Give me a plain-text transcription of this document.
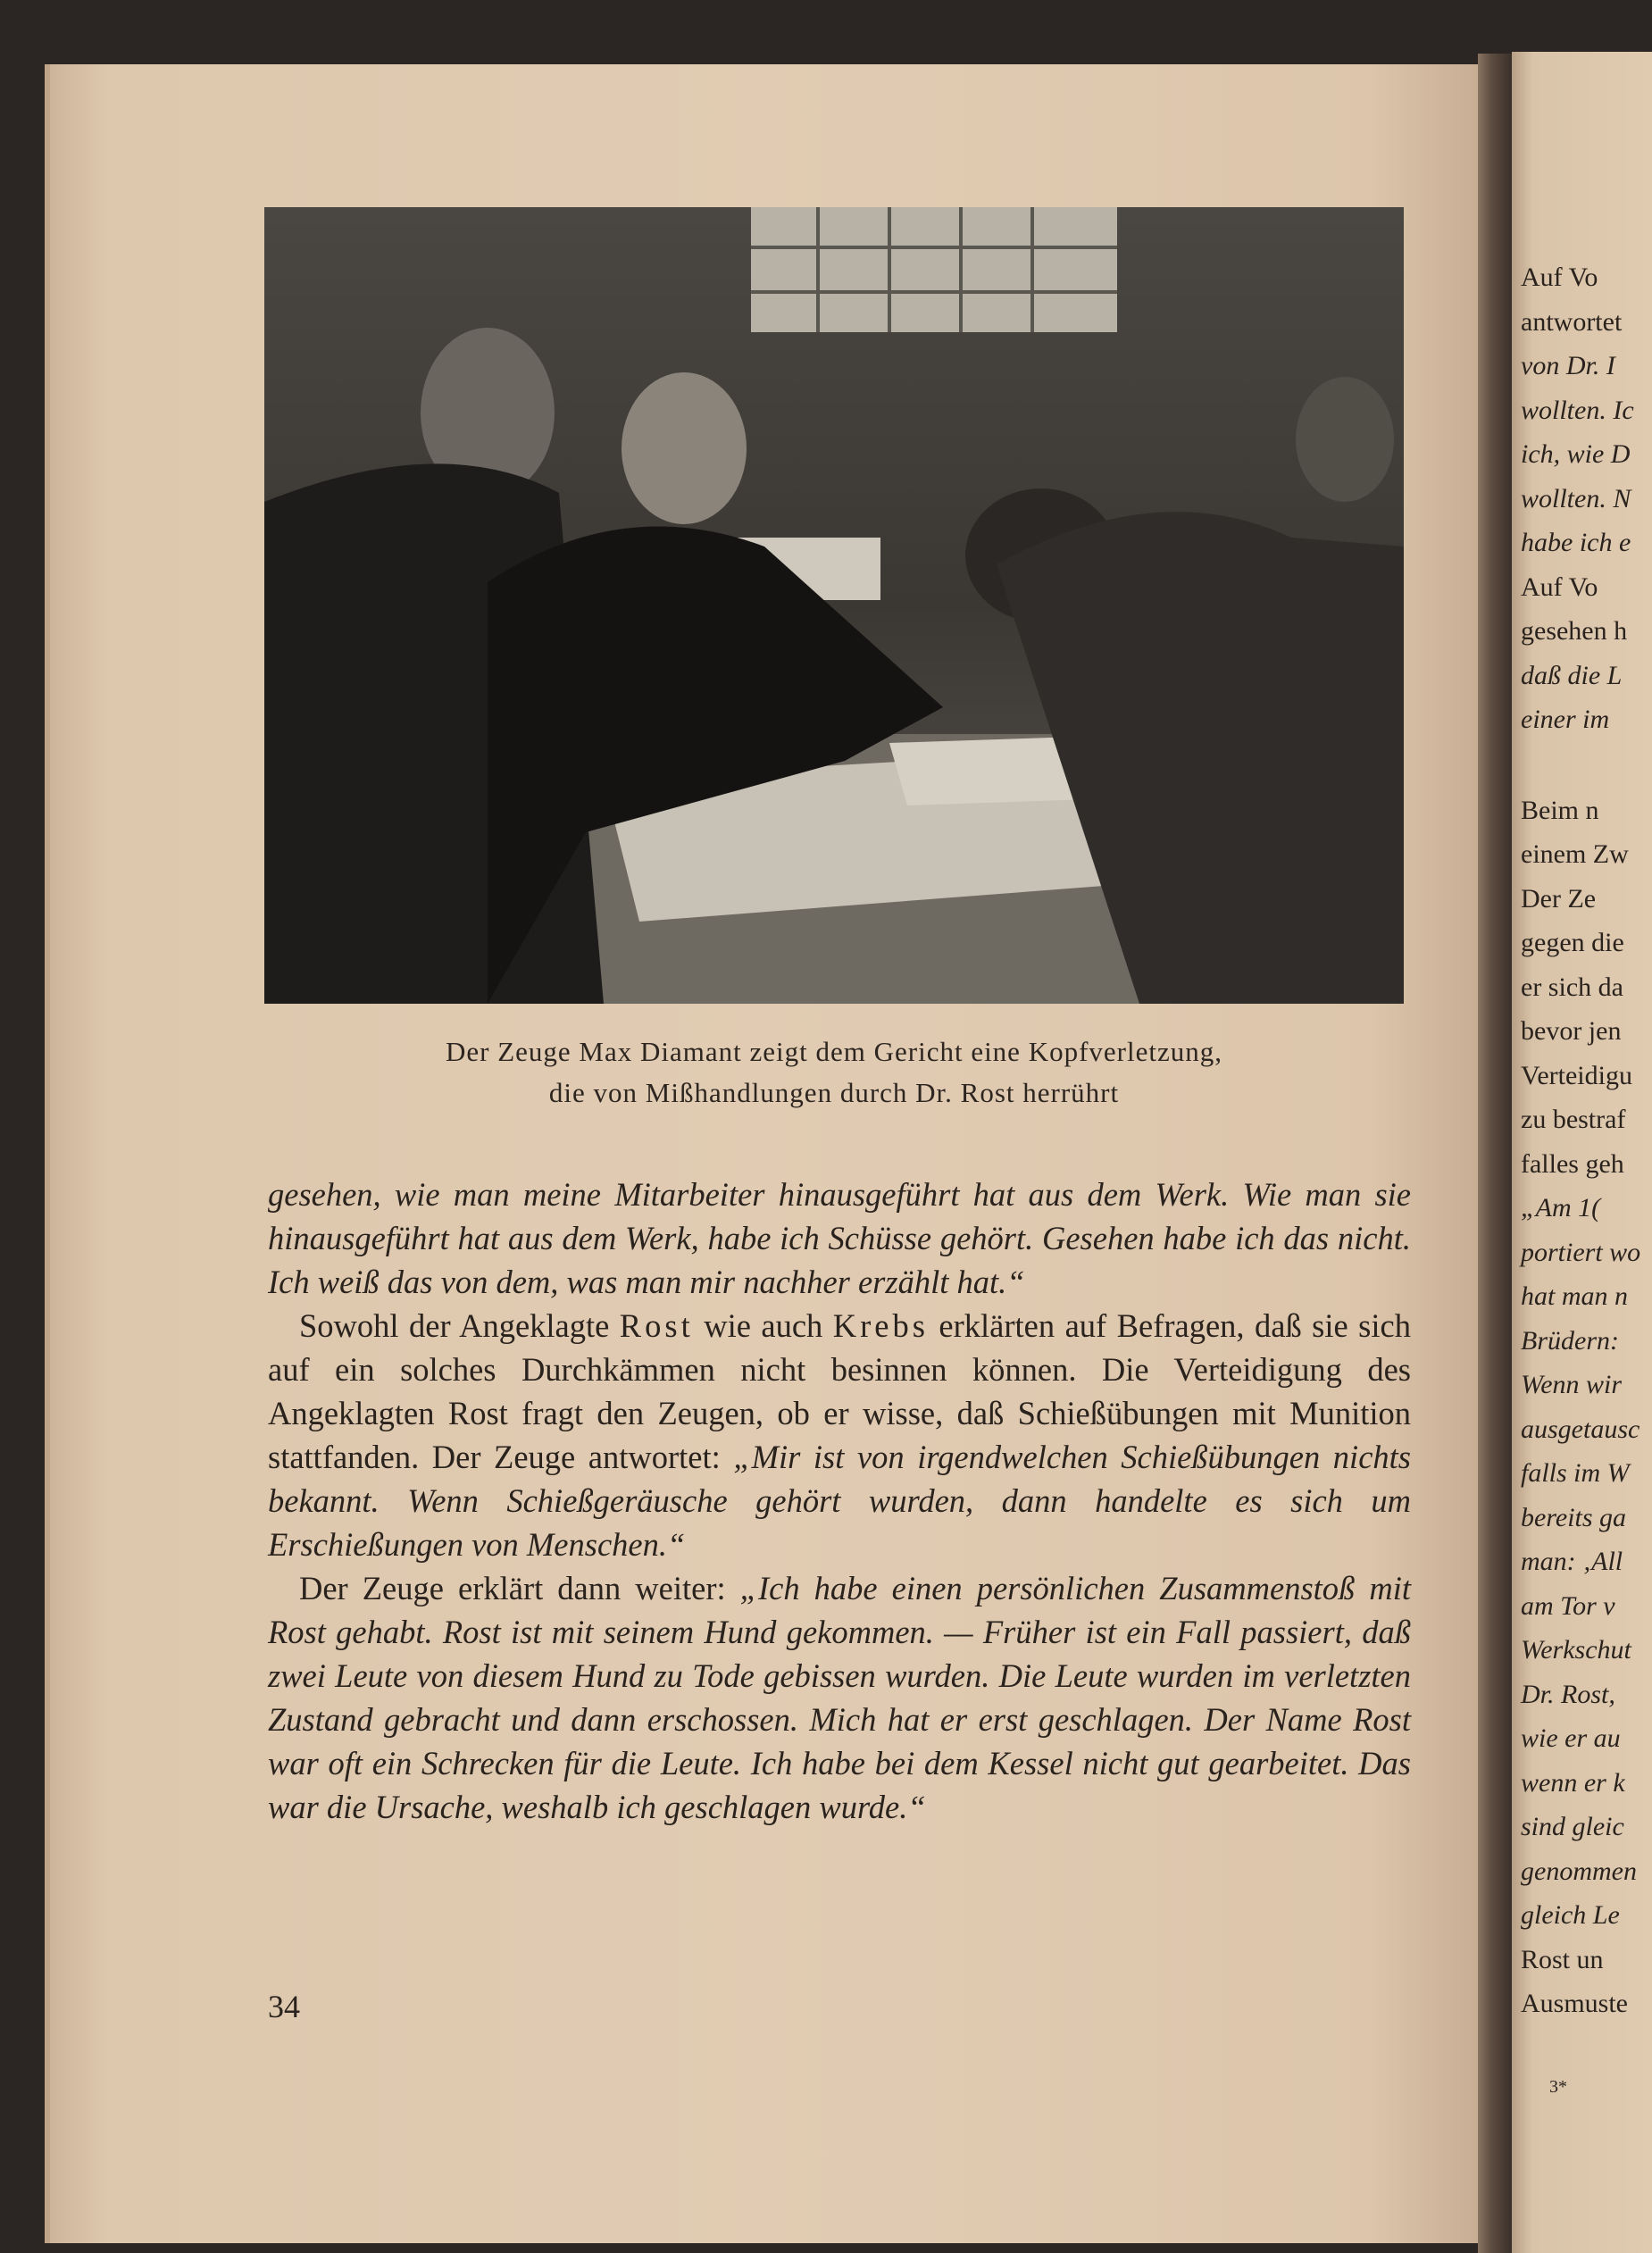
Der Zeuge Max Diamant zeigt dem Gericht eine Kopfverletzung,
die von Mißhandlungen durch Dr. Rost herrührt

gesehen, wie man meine Mitarbeiter hinausgeführt hat aus dem Werk. Wie man sie hinausgeführt hat aus dem Werk, habe ich Schüsse gehört. Gesehen habe ich das nicht. Ich weiß das von dem, was man mir nachher erzählt hat.“

Sowohl der Angeklagte Rost wie auch Krebs erklärten auf Befragen, daß sie sich auf ein solches Durchkämmen nicht besinnen können. Die Verteidigung des Angeklagten Rost fragt den Zeugen, ob er wisse, daß Schießübungen mit Munition stattfanden. Der Zeuge antwortet: „Mir ist von irgendwelchen Schießübungen nichts bekannt. Wenn Schießgeräusche gehört wurden, dann handelte es sich um Erschießungen von Menschen.“

Der Zeuge erklärt dann weiter: „Ich habe einen persönlichen Zusammenstoß mit Rost gehabt. Rost ist mit seinem Hund gekommen. — Früher ist ein Fall passiert, daß zwei Leute von diesem Hund zu Tode gebissen wurden. Die Leute wurden im verletzten Zustand gebracht und dann erschossen. Mich hat er erst geschlagen. Der Name Rost war oft ein Schrecken für die Leute. Ich habe bei dem Kessel nicht gut gearbeitet. Das war die Ursache, weshalb ich geschlagen wurde.“

34
Auf Vo
antwortet
von Dr. I
wollten. Ic
ich, wie D
wollten. N
habe ich e
Auf Vo
gesehen h
daß die L
einer im
Beim n
einem Zw
Der Ze
gegen die
er sich da
bevor jen
Verteidigu
zu bestraf
falles geh
„Am 1(
portiert wo
hat man n
Brüdern:
Wenn wir
ausgetausc
falls im W
bereits ga
man: ‚All
am Tor v
Werkschut
Dr. Rost,
wie er au
wenn er k
sind gleic
genommen
gleich Le
Rost un
Ausmuste
3*
